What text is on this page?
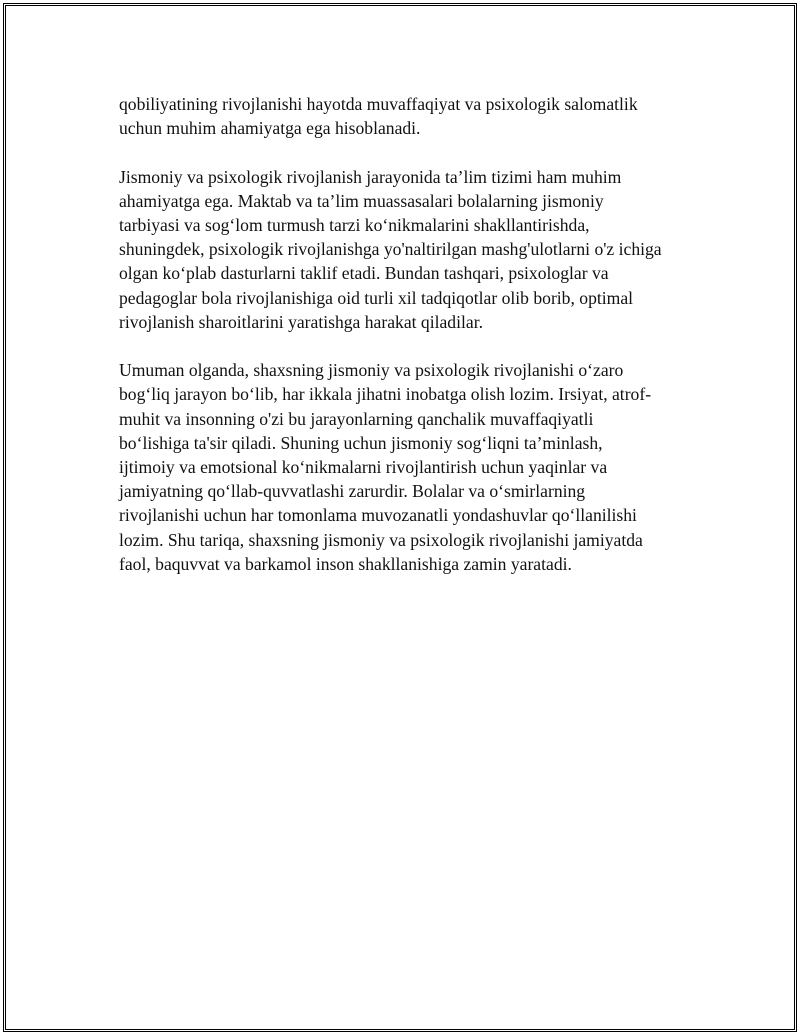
qobiliyatining rivojlanishi hayotda muvaffaqiyat va psixologik salomatlik
uchun muhim ahamiyatga ega hisoblanadi.

Jismoniy va psixologik rivojlanish jarayonida ta’lim tizimi ham muhim
ahamiyatga ega. Maktab va ta’lim muassasalari bolalarning jismoniy
tarbiyasi va sog‘lom turmush tarzi ko‘nikmalarini shakllantirishda,
shuningdek, psixologik rivojlanishga yo'naltirilgan mashg'ulotlarni o'z ichiga
olgan ko‘plab dasturlarni taklif etadi. Bundan tashqari, psixologlar va
pedagoglar bola rivojlanishiga oid turli xil tadqiqotlar olib borib, optimal
rivojlanish sharoitlarini yaratishga harakat qiladilar.

Umuman olganda, shaxsning jismoniy va psixologik rivojlanishi o‘zaro
bog‘liq jarayon bo‘lib, har ikkala jihatni inobatga olish lozim. Irsiyat, atrof-
muhit va insonning o'zi bu jarayonlarning qanchalik muvaffaqiyatli
bo‘lishiga ta'sir qiladi. Shuning uchun jismoniy sog‘liqni ta’minlash,
ijtimoiy va emotsional ko‘nikmalarni rivojlantirish uchun yaqinlar va
jamiyatning qo‘llab-quvvatlashi zarurdir. Bolalar va o‘smirlarning
rivojlanishi uchun har tomonlama muvozanatli yondashuvlar qo‘llanilishi
lozim. Shu tariqa, shaxsning jismoniy va psixologik rivojlanishi jamiyatda
faol, baquvvat va barkamol inson shakllanishiga zamin yaratadi.
